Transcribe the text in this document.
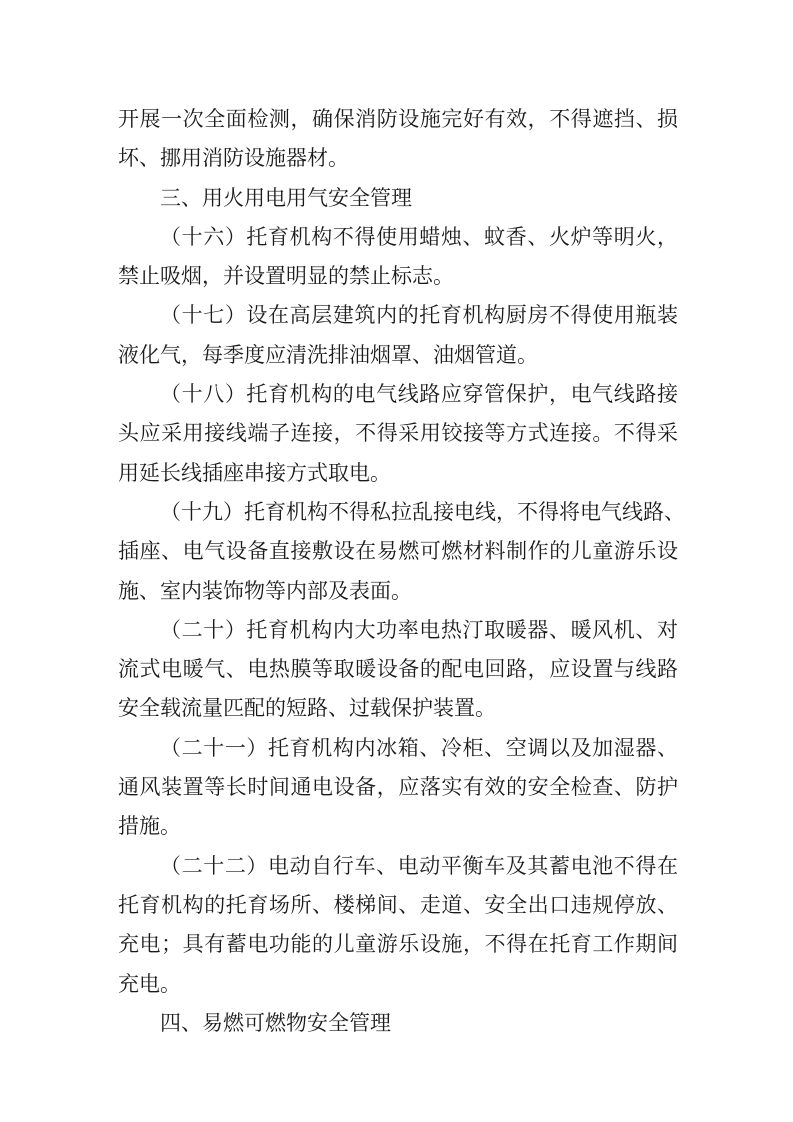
开展一次全面检测，确保消防设施完好有效，不得遮挡、损
坏、挪用消防设施器材。
三、用火用电用气安全管理
（十六）托育机构不得使用蜡烛、蚊香、火炉等明火，
禁止吸烟，并设置明显的禁止标志。
（十七）设在高层建筑内的托育机构厨房不得使用瓶装
液化气，每季度应清洗排油烟罩、油烟管道。
（十八）托育机构的电气线路应穿管保护，电气线路接
头应采用接线端子连接，不得采用铰接等方式连接。不得采
用延长线插座串接方式取电。
（十九）托育机构不得私拉乱接电线，不得将电气线路、
插座、电气设备直接敷设在易燃可燃材料制作的儿童游乐设
施、室内装饰物等内部及表面。
（二十）托育机构内大功率电热汀取暖器、暖风机、对
流式电暖气、电热膜等取暖设备的配电回路，应设置与线路
安全载流量匹配的短路、过载保护装置。
（二十一）托育机构内冰箱、冷柜、空调以及加湿器、
通风装置等长时间通电设备，应落实有效的安全检查、防护
措施。
（二十二）电动自行车、电动平衡车及其蓄电池不得在
托育机构的托育场所、楼梯间、走道、安全出口违规停放、
充电；具有蓄电功能的儿童游乐设施，不得在托育工作期间
充电。
四、易燃可燃物安全管理
